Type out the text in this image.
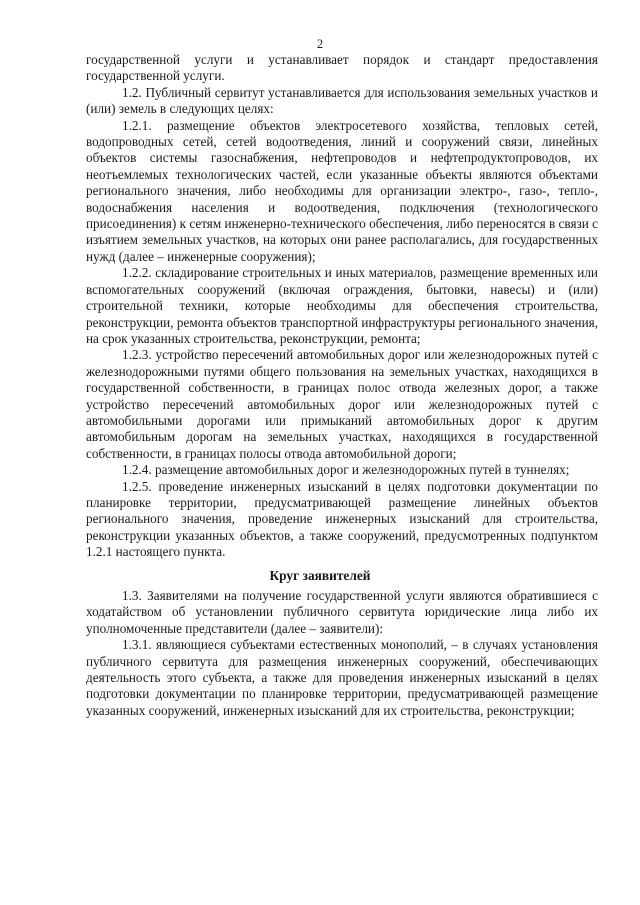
2

государственной услуги и устанавливает порядок и стандарт предоставления государственной услуги.

1.2. Публичный сервитут устанавливается для использования земельных участков и (или) земель в следующих целях:

1.2.1. размещение объектов электросетевого хозяйства, тепловых сетей, водопроводных сетей, сетей водоотведения, линий и сооружений связи, линейных объектов системы газоснабжения, нефтепроводов и нефтепродуктопроводов, их неотъемлемых технологических частей, если указанные объекты являются объектами регионального значения, либо необходимы для организации электро-, газо-, тепло-, водоснабжения населения и водоотведения, подключения (технологического присоединения) к сетям инженерно-технического обеспечения, либо переносятся в связи с изъятием земельных участков, на которых они ранее располагались, для государственных нужд (далее – инженерные сооружения);

1.2.2. складирование строительных и иных материалов, размещение временных или вспомогательных сооружений (включая ограждения, бытовки, навесы) и (или) строительной техники, которые необходимы для обеспечения строительства, реконструкции, ремонта объектов транспортной инфраструктуры регионального значения, на срок указанных строительства, реконструкции, ремонта;

1.2.3. устройство пересечений автомобильных дорог или железнодорожных путей с железнодорожными путями общего пользования на земельных участках, находящихся в государственной собственности, в границах полос отвода железных дорог, а также устройство пересечений автомобильных дорог или железнодорожных путей с автомобильными дорогами или примыканий автомобильных дорог к другим автомобильным дорогам на земельных участках, находящихся в государственной собственности, в границах полосы отвода автомобильной дороги;

1.2.4. размещение автомобильных дорог и железнодорожных путей в туннелях;

1.2.5. проведение инженерных изысканий в целях подготовки документации по планировке территории, предусматривающей размещение линейных объектов регионального значения, проведение инженерных изысканий для строительства, реконструкции указанных объектов, а также сооружений, предусмотренных подпунктом 1.2.1 настоящего пункта.

Круг заявителей

1.3. Заявителями на получение государственной услуги являются обратившиеся с ходатайством об установлении публичного сервитута юридические лица либо их уполномоченные представители (далее – заявители):

1.3.1. являющиеся субъектами естественных монополий, – в случаях установления публичного сервитута для размещения инженерных сооружений, обеспечивающих деятельность этого субъекта, а также для проведения инженерных изысканий в целях подготовки документации по планировке территории, предусматривающей размещение указанных сооружений, инженерных изысканий для их строительства, реконструкции;
